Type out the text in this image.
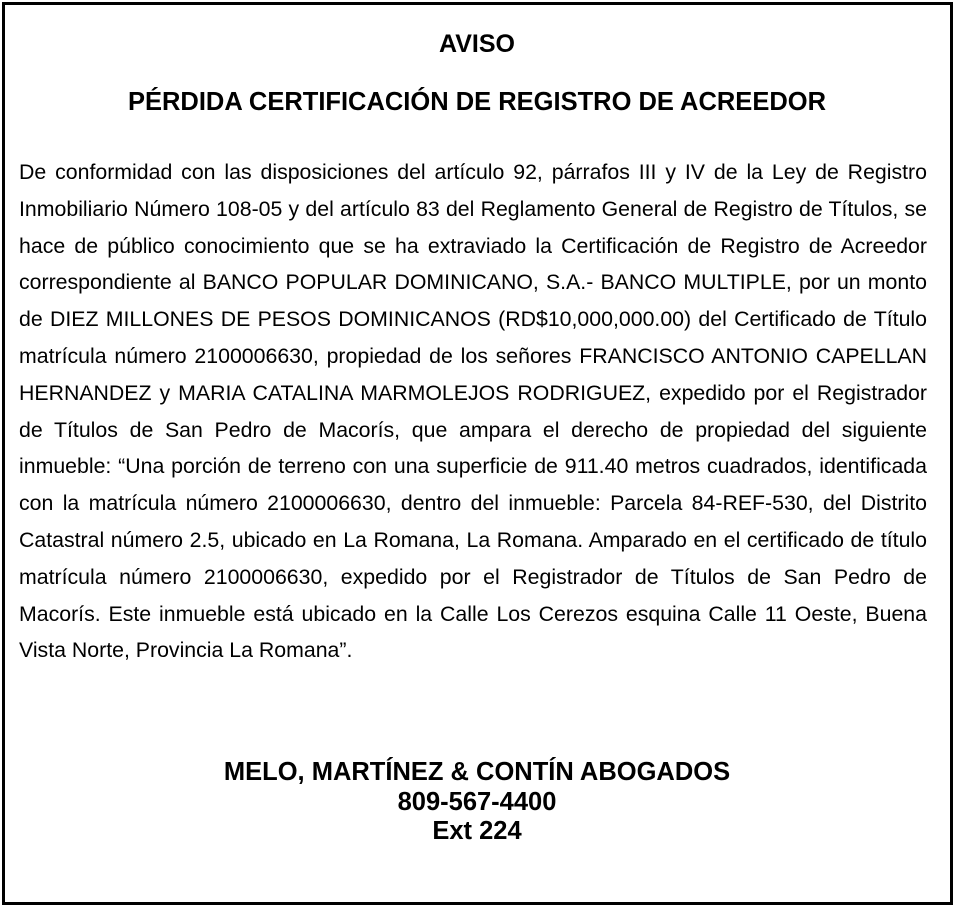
AVISO
PÉRDIDA CERTIFICACIÓN DE REGISTRO DE ACREEDOR

De conformidad con las disposiciones del artículo 92, párrafos III y IV de la Ley de Registro Inmobiliario Número 108-05 y del artículo 83 del Reglamento General de Registro de Títulos, se hace de público conocimiento que se ha extraviado la Certificación de Registro de Acreedor correspondiente al BANCO POPULAR DOMINICANO, S.A.- BANCO MULTIPLE, por un monto de DIEZ MILLONES DE PESOS DOMINICANOS (RD$10,000,000.00) del Certificado de Título matrícula número 2100006630, propiedad de los señores FRANCISCO ANTONIO CAPELLAN HERNANDEZ y MARIA CATALINA MARMOLEJOS RODRIGUEZ, expedido por el Registrador de Títulos de San Pedro de Macorís, que ampara el derecho de propiedad del siguiente inmueble: “Una porción de terreno con una superficie de 911.40 metros cuadrados, identificada con la matrícula número 2100006630, dentro del inmueble: Parcela 84-REF-530, del Distrito Catastral número 2.5, ubicado en La Romana, La Romana. Amparado en el certificado de título matrícula número 2100006630, expedido por el Registrador de Títulos de San Pedro de Macorís. Este inmueble está ubicado en la Calle Los Cerezos esquina Calle 11 Oeste, Buena Vista Norte, Provincia La Romana”.

MELO, MARTÍNEZ & CONTÍN ABOGADOS
809-567-4400
Ext 224
